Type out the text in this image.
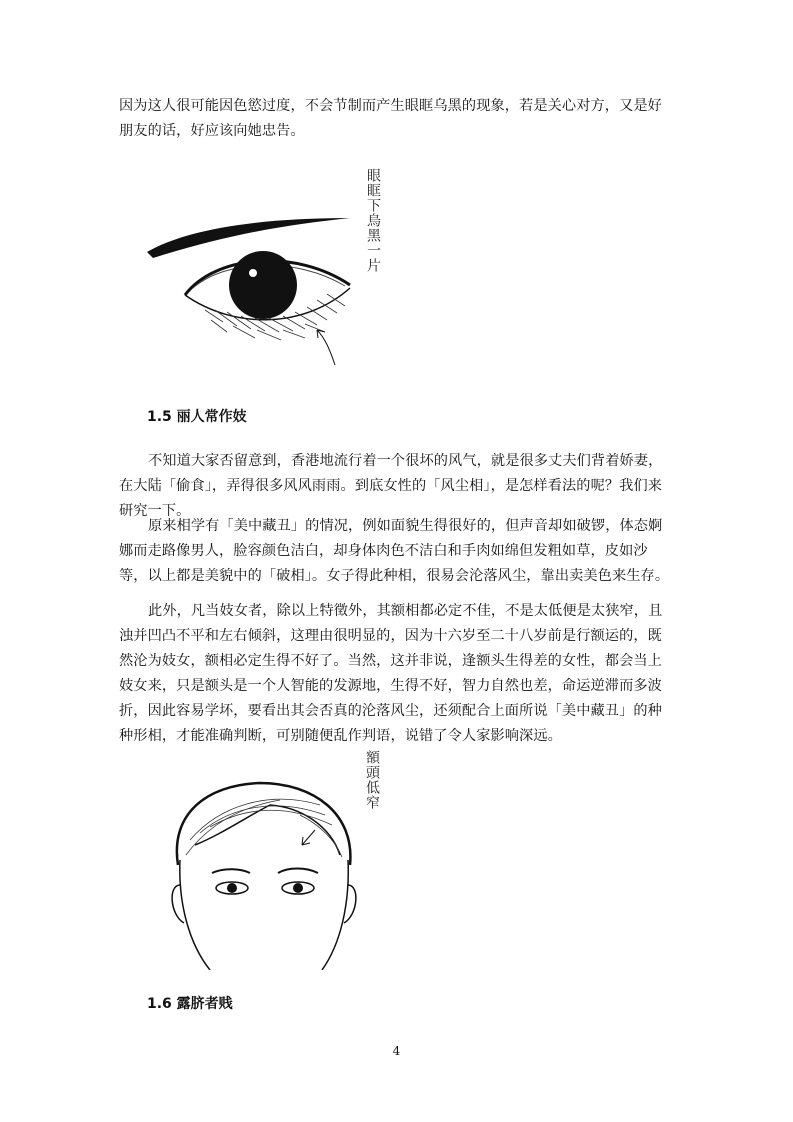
因为这人很可能因色慾过度，不会节制而产生眼眶乌黑的现象，若是关心对方，又是好朋友的话，好应该向她忠告。

眼眶下烏黑一片
1.5 丽人常作妓

不知道大家否留意到，香港地流行着一个很坏的风气，就是很多丈夫们背着娇妻，在大陆「偷食」，弄得很多风风雨雨。到底女性的「风尘相」，是怎样看法的呢？我们来研究一下。

原来相学有「美中藏丑」的情况，例如面貌生得很好的，但声音却如破锣，体态婀娜而走路像男人，脸容颜色洁白，却身体肉色不洁白和手肉如绵但发粗如草，皮如沙等，以上都是美貌中的「破相」。女子得此种相，很易会沦落风尘，靠出卖美色来生存。

此外，凡当妓女者，除以上特徵外，其额相都必定不佳，不是太低便是太狭窄，且浊并凹凸不平和左右倾斜，这理由很明显的，因为十六岁至二十八岁前是行额运的，既然沦为妓女，额相必定生得不好了。当然，这并非说，逢额头生得差的女性，都会当上妓女来，只是额头是一个人智能的发源地，生得不好，智力自然也差，命运逆滞而多波折，因此容易学坏，要看出其会否真的沦落风尘，还须配合上面所说「美中藏丑」的种种形相，才能准确判断，可别随便乱作判语，说错了令人家影响深远。

額頭低窄
1.6 露脐者贱
4
